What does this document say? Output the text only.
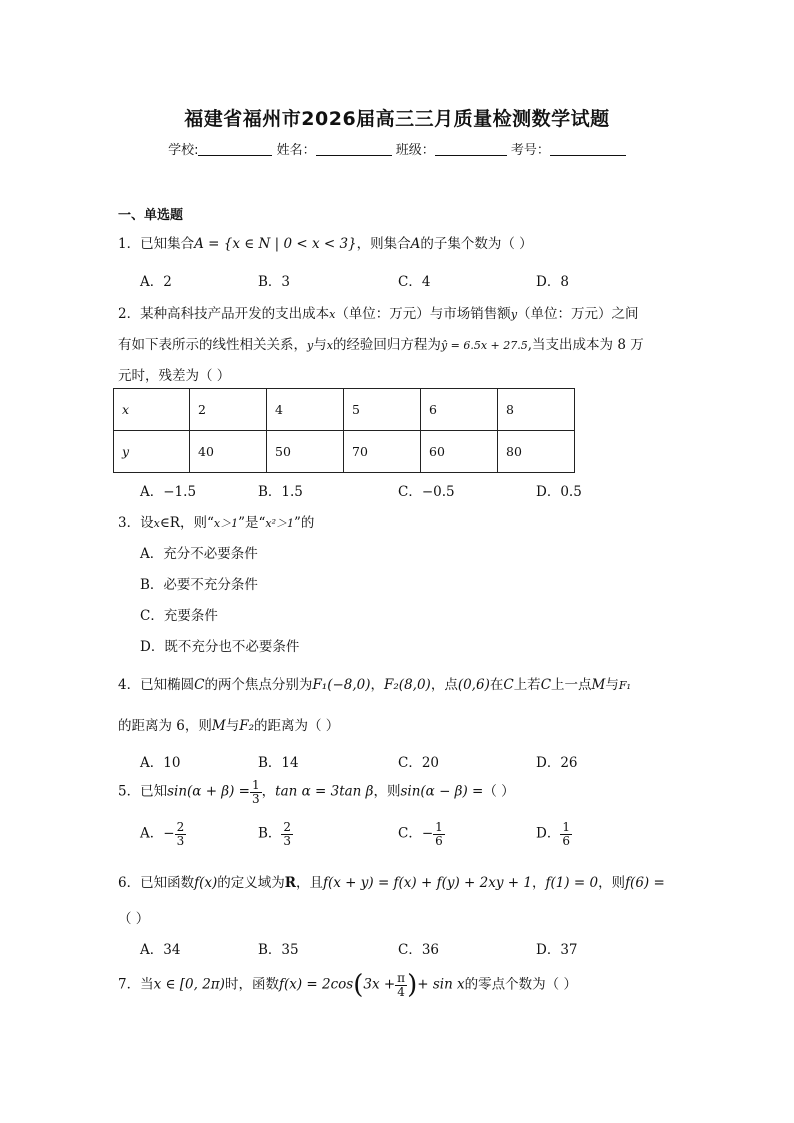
福建省福州市2026届高三三月质量检测数学试题
学校:	姓名：	班级：	考号：
一、单选题
1．已知集合A = {x ∈ N | 0 < x < 3}，则集合A的子集个数为（ ）
A．2	B．3	C．4	D．8
2．某种高科技产品开发的支出成本x（单位：万元）与市场销售额y（单位：万元）之间
有如下表所示的线性相关关系，y与x的经验回归方程为ŷ = 6.5x + 27.5,当支出成本为 8 万
元时，残差为（ ）
x	2	4	5	6	8
y	40	50	70	60	80
A．−1.5	B．1.5	C．−0.5	D．0.5
3．设x∈R，则“x＞1”是“x²＞1”的
A．充分不必要条件
B．必要不充分条件
C．充要条件
D．既不充分也不必要条件
4．已知椭圆C的两个焦点分别为F₁(−8,0)，F₂(8,0)，点(0,6)在C上若C上一点M与F₁
的距离为 6，则M与F₂的距离为（ ）
A．10	B．14	C．20	D．26
5．已知$\sin(\alpha + \beta) = \frac{1}{3}$ ，tan α = 3tan β，则sin(α − β) =（ ）
A．− $\frac{2}{3}$	B． $\frac{2}{3}$	C．− $\frac{1}{6}$	D． $\frac{1}{6}$
6．已知函数f(x)的定义域为R，且f(x + y) = f(x) + f(y) + 2xy + 1，f(1) = 0，则f(6) =
（ ）
A．34	B．35	C．36	D．37
7．当x ∈ [0, 2π)时，函数$f(x) = 2\cos(3x + \frac{\pi}{4}$ )+ sin x的零点个数为（ ）
